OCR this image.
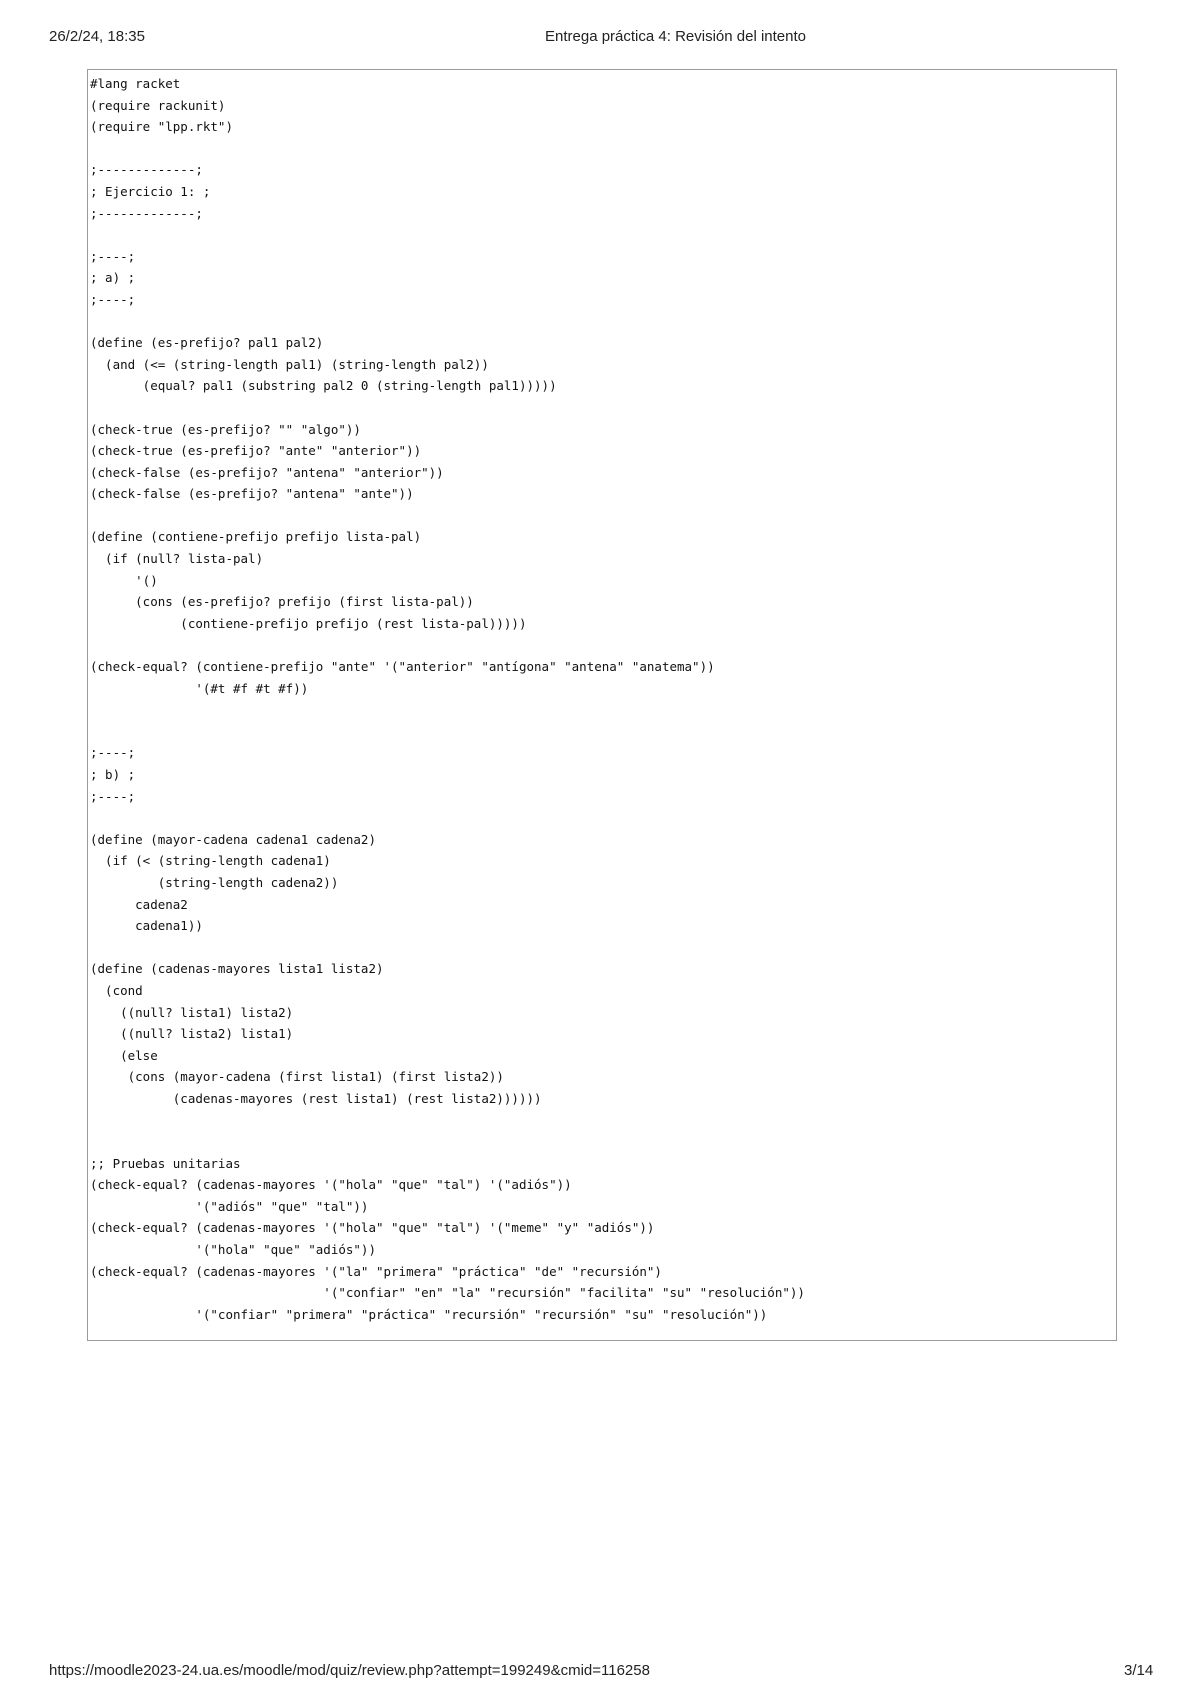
26/2/24, 18:35	Entrega práctica 4: Revisión del intento
#lang racket
(require rackunit)
(require "lpp.rkt")
;-------------;
; Ejercicio 1: ;
;-------------;
;----;
; a) ;
;----;
(define (es-prefijo? pal1 pal2)
(and (<= (string-length pal1) (string-length pal2))
(equal? pal1 (substring pal2 0 (string-length pal1)))))
(check-true (es-prefijo? "" "algo"))
(check-true (es-prefijo? "ante" "anterior"))
(check-false (es-prefijo? "antena" "anterior"))
(check-false (es-prefijo? "antena" "ante"))
(define (contiene-prefijo prefijo lista-pal)
(if (null? lista-pal)
'()
(cons (es-prefijo? prefijo (first lista-pal))
(contiene-prefijo prefijo (rest lista-pal)))))
(check-equal? (contiene-prefijo "ante" '("anterior" "antígona" "antena" "anatema"))
'(#t #f #t #f))
;----;
; b) ;
;----;
(define (mayor-cadena cadena1 cadena2)
(if (< (string-length cadena1)
(string-length cadena2))
cadena2
cadena1))
(define (cadenas-mayores lista1 lista2)
(cond
((null? lista1) lista2)
((null? lista2) lista1)
(else
(cons (mayor-cadena (first lista1) (first lista2))
(cadenas-mayores (rest lista1) (rest lista2))))))
;; Pruebas unitarias
(check-equal? (cadenas-mayores '("hola" "que" "tal") '("adiós"))
'("adiós" "que" "tal"))
(check-equal? (cadenas-mayores '("hola" "que" "tal") '("meme" "y" "adiós"))
'("hola" "que" "adiós"))
(check-equal? (cadenas-mayores '("la" "primera" "práctica" "de" "recursión")
'("confiar" "en" "la" "recursión" "facilita" "su" "resolución"))
'("confiar" "primera" "práctica" "recursión" "recursión" "su" "resolución"))
https://moodle2023-24.ua.es/moodle/mod/quiz/review.php?attempt=199249&cmid=116258	3/14
